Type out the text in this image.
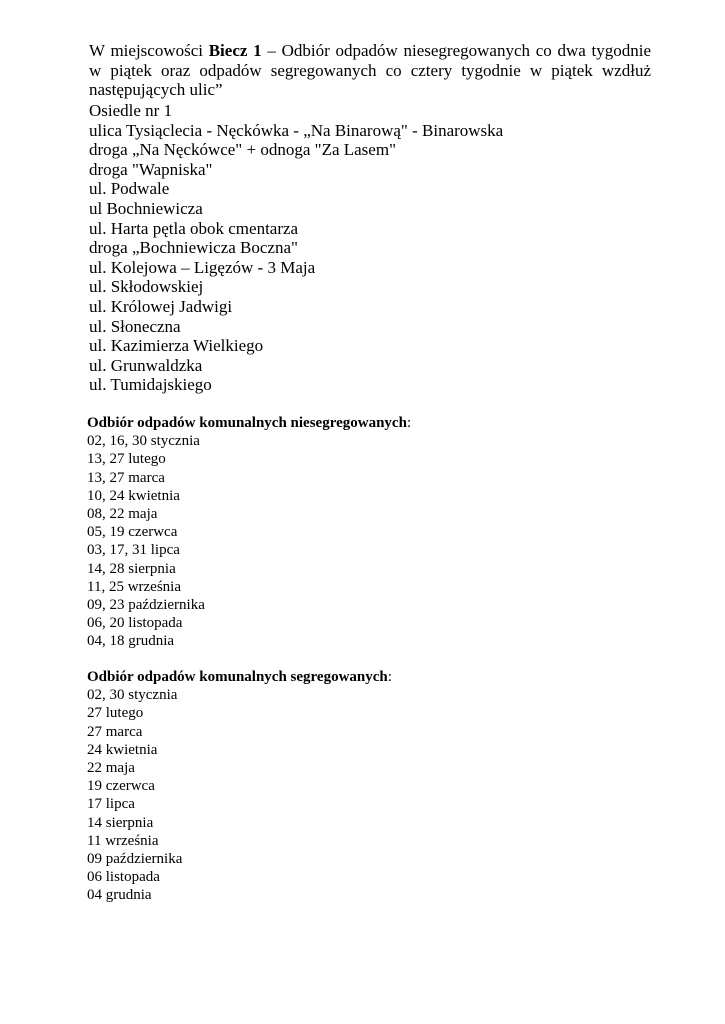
W miejscowości Biecz 1 – Odbiór odpadów niesegregowanych co dwa tygodnie w piątek oraz odpadów segregowanych co cztery tygodnie w piątek wzdłuż następujących ulic”
Osiedle nr 1
ulica Tysiąclecia - Nęckówka - „Na Binarową" - Binarowska
droga „Na Nęckówce" + odnoga "Za Lasem"
droga "Wapniska"
ul. Podwale
ul Bochniewicza
ul. Harta pętla obok cmentarza
droga „Bochniewicza Boczna"
ul. Kolejowa – Ligęzów - 3 Maja
ul. Skłodowskiej
ul. Królowej Jadwigi
ul. Słoneczna
ul. Kazimierza Wielkiego
ul. Grunwaldzka
ul. Tumidajskiego
Odbiór odpadów komunalnych niesegregowanych:
02, 16, 30 stycznia
13, 27 lutego
13, 27 marca
10, 24 kwietnia
08, 22 maja
05, 19 czerwca
03, 17, 31 lipca
14, 28 sierpnia
11, 25 września
09, 23 października
06, 20 listopada
04, 18 grudnia
Odbiór odpadów komunalnych segregowanych:
02, 30 stycznia
27 lutego
27 marca
24 kwietnia
22 maja
19 czerwca
17 lipca
14 sierpnia
11 września
09 października
06 listopada
04 grudnia
